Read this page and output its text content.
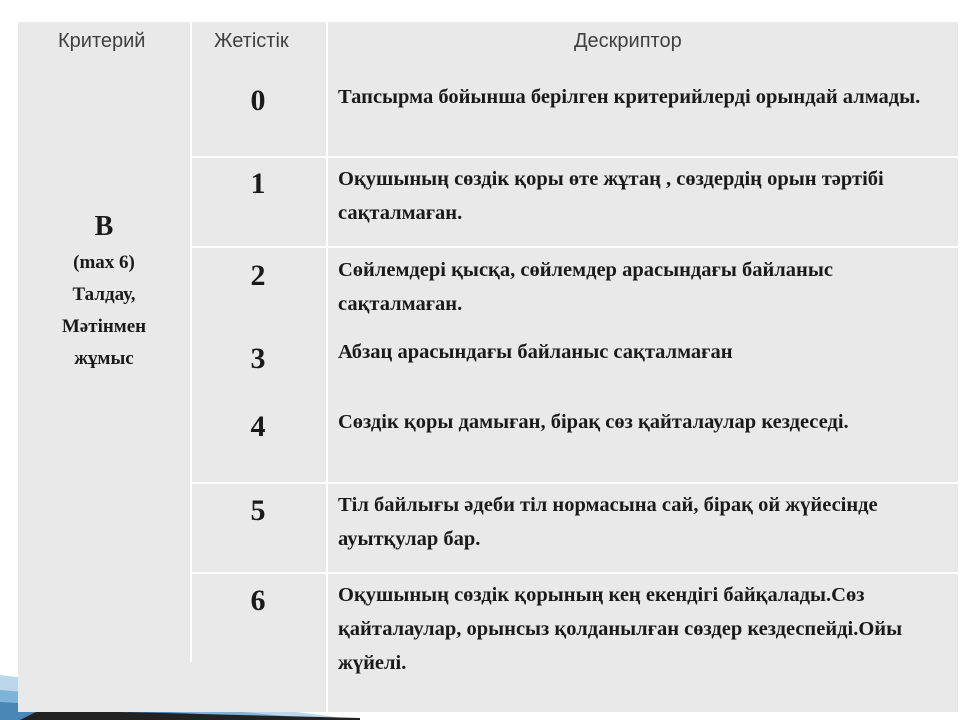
Критерий	Жетістік	Дескриптор
B
(max 6)
Талдау,
Мәтінмен
жұмыс
0	Тапсырма бойынша берілген критерийлерді орындай алмады.
1	Оқушының сөздік қоры өте жұтаң , сөздердің орын тәртібі сақталмаған.
2	Сөйлемдері қысқа, сөйлемдер арасындағы байланыс сақталмаған.
3	Абзац арасындағы байланыс сақталмаған
4	Сөздік қоры дамыған, бірақ сөз қайталаулар кездеседі.
5	Тіл байлығы әдеби тіл нормасына сай, бірақ ой жүйесінде ауытқулар бар.
6	Оқушының сөздік қорының кең екендігі байқалады.Сөз қайталаулар, орынсыз қолданылған сөздер кездеспейді.Ойы жүйелі.
